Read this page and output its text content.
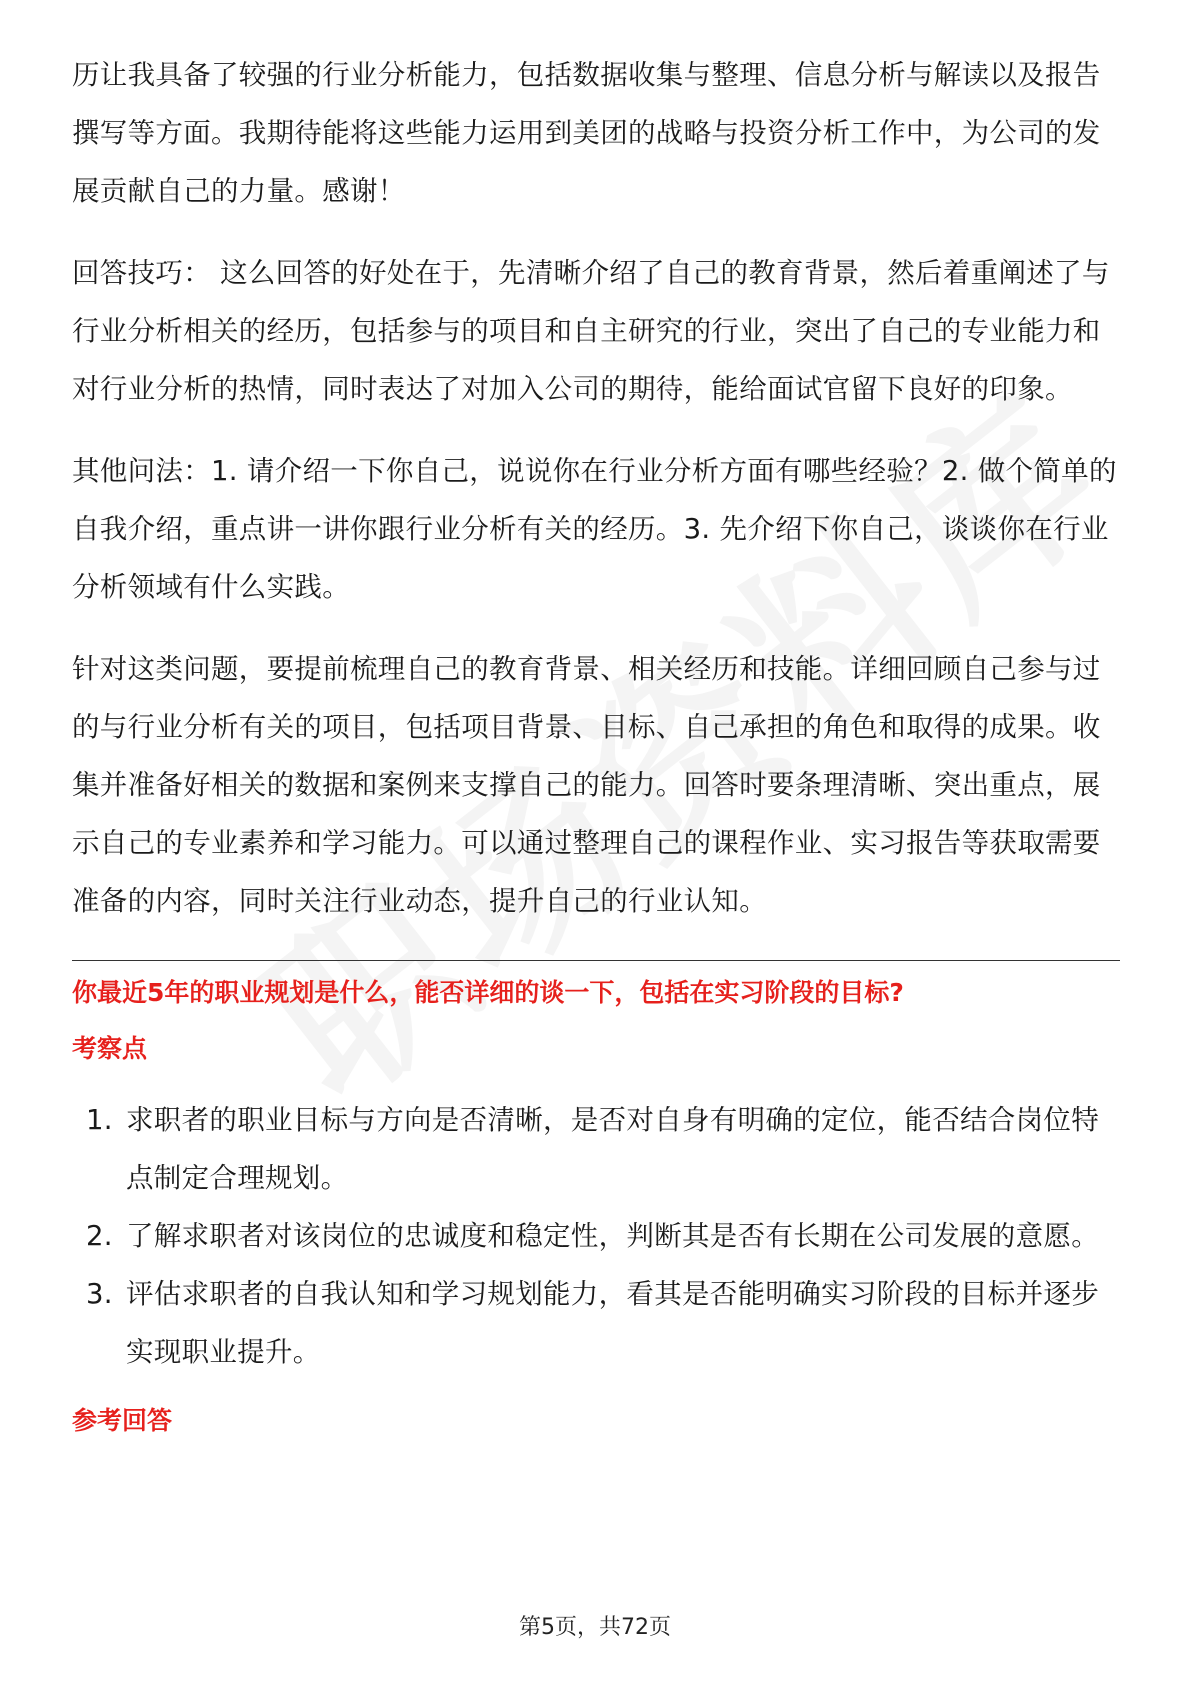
历让我具备了较强的行业分析能力，包括数据收集与整理、信息分析与解读以及报告撰写等方面。我期待能将这些能力运用到美团的战略与投资分析工作中，为公司的发展贡献自己的力量。感谢！

回答技巧： 这么回答的好处在于，先清晰介绍了自己的教育背景，然后着重阐述了与行业分析相关的经历，包括参与的项目和自主研究的行业，突出了自己的专业能力和对行业分析的热情，同时表达了对加入公司的期待，能给面试官留下良好的印象。

其他问法：1. 请介绍一下你自己，说说你在行业分析方面有哪些经验？2. 做个简单的自我介绍，重点讲一讲你跟行业分析有关的经历。3. 先介绍下你自己，谈谈你在行业分析领域有什么实践。

针对这类问题，要提前梳理自己的教育背景、相关经历和技能。详细回顾自己参与过的与行业分析有关的项目，包括项目背景、目标、自己承担的角色和取得的成果。收集并准备好相关的数据和案例来支撑自己的能力。回答时要条理清晰、突出重点，展示自己的专业素养和学习能力。可以通过整理自己的课程作业、实习报告等获取需要准备的内容，同时关注行业动态，提升自己的行业认知。

你最近5年的职业规划是什么，能否详细的谈一下，包括在实习阶段的目标?
考察点
1. 求职者的职业目标与方向是否清晰，是否对自身有明确的定位，能否结合岗位特点制定合理规划。
2. 了解求职者对该岗位的忠诚度和稳定性，判断其是否有长期在公司发展的意愿。
3. 评估求职者的自我认知和学习规划能力，看其是否能明确实习阶段的目标并逐步实现职业提升。
参考回答
第5页，共72页
